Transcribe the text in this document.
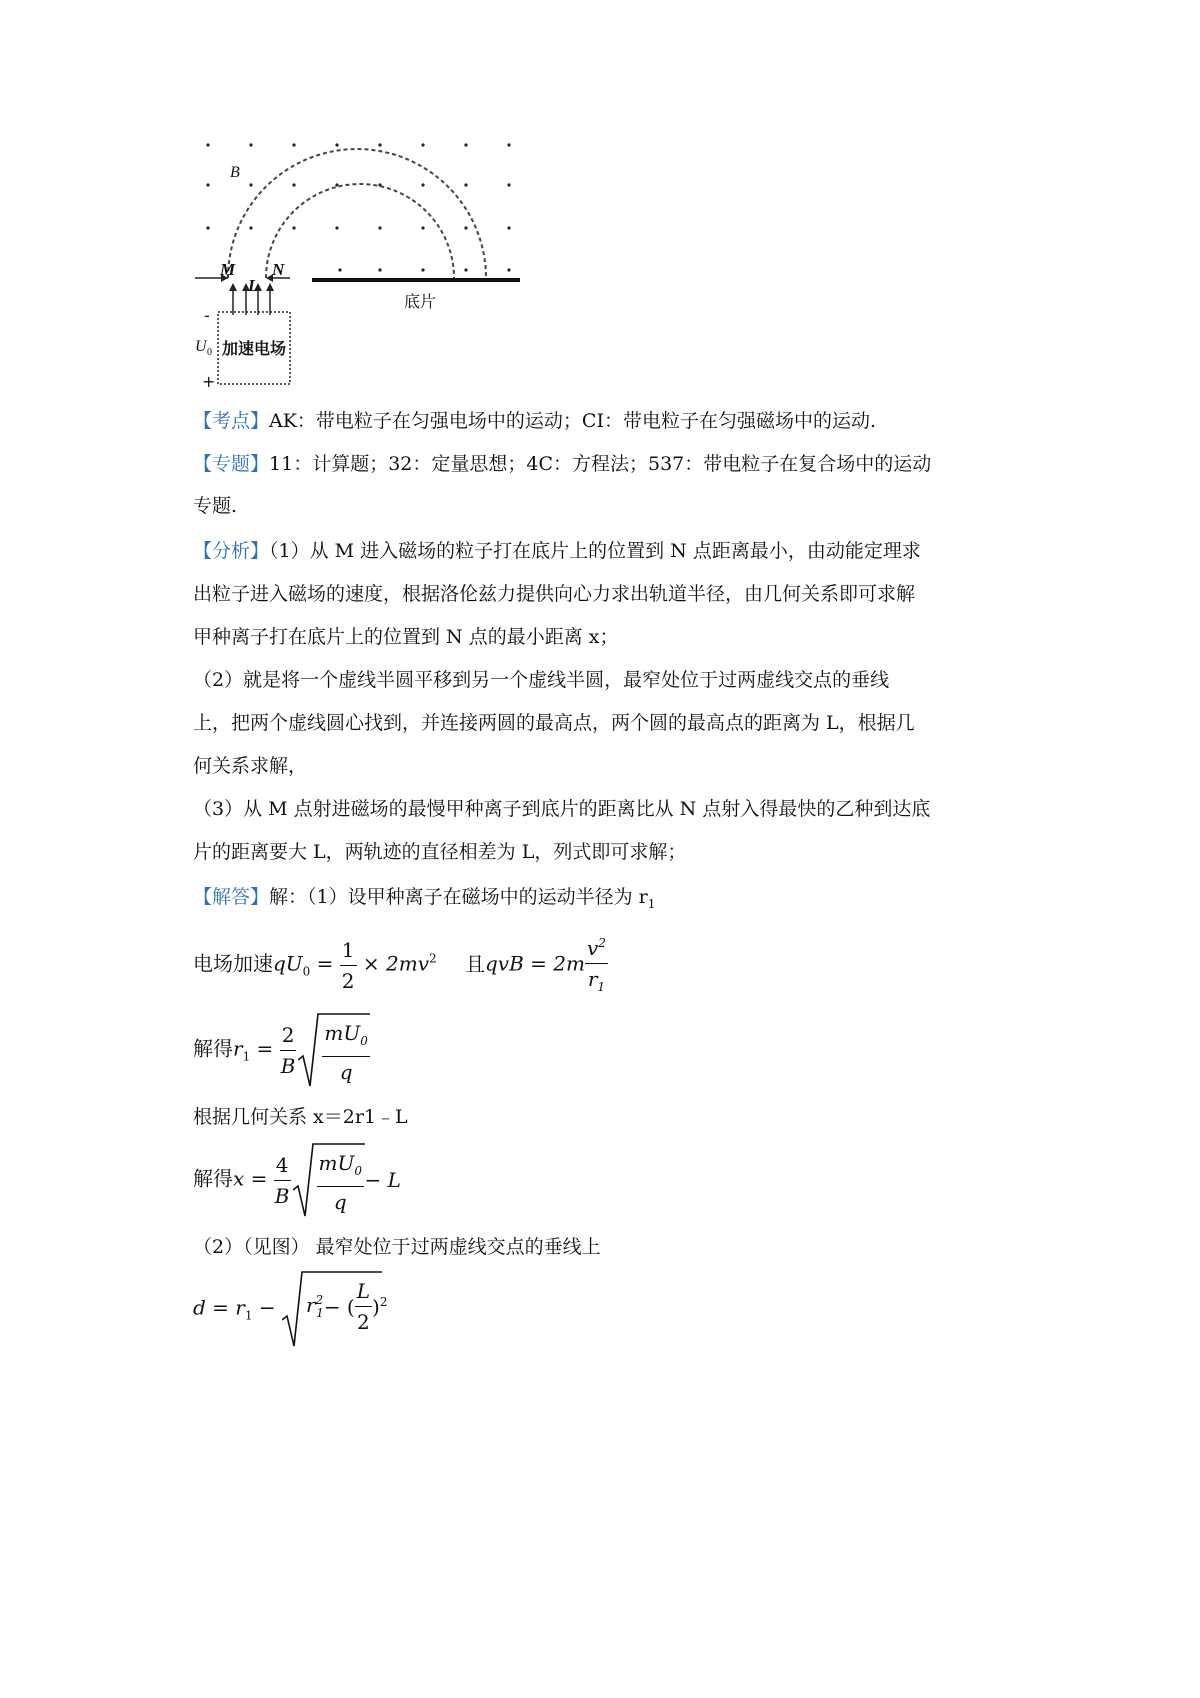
B
M
L
N
底片
U 0 加速电场
-
+
【考点】AK：带电粒子在匀强电场中的运动；CI：带电粒子在匀强磁场中的运动.
【专题】11：计算题；32：定量思想；4C：方程法；537：带电粒子在复合场中的运动
专题.
【分析】（1）从 M 进入磁场的粒子打在底片上的位置到 N 点距离最小，由动能定理求
出粒子进入磁场的速度，根据洛伦兹力提供向心力求出轨道半径，由几何关系即可求解
甲种离子打在底片上的位置到 N 点的最小距离 x；
（2）就是将一个虚线半圆平移到另一个虚线半圆，最窄处位于过两虚线交点的垂线
上，把两个虚线圆心找到，并连接两圆的最高点，两个圆的最高点的距离为 L，根据几
何关系求解，
（3）从 M 点射进磁场的最慢甲种离子到底片的距离比从 N 点射入得最快的乙种到达底
片的距离要大 L，两轨迹的直径相差为 L，列式即可求解；
【解答】解：（1）设甲种离子在磁场中的运动半径为 $r_1$
电场加速$qU_0 = \frac{1}{2} \times 2mv^2$ 且qvB = $2m \frac{v^2}{r_1}$
解得$r_1 = \frac{2}{B} \frac{mU_0}{q}$
根据几何关系 x＝2r1﹣L
解得$x = \frac{4}{B} \frac{mU_0}{q} - L$
（2）（见图） 最窄处位于过两虚线交点的垂线上
$d = r_1 - r^2_1-$ ( $\frac{L}{2} )^2$
